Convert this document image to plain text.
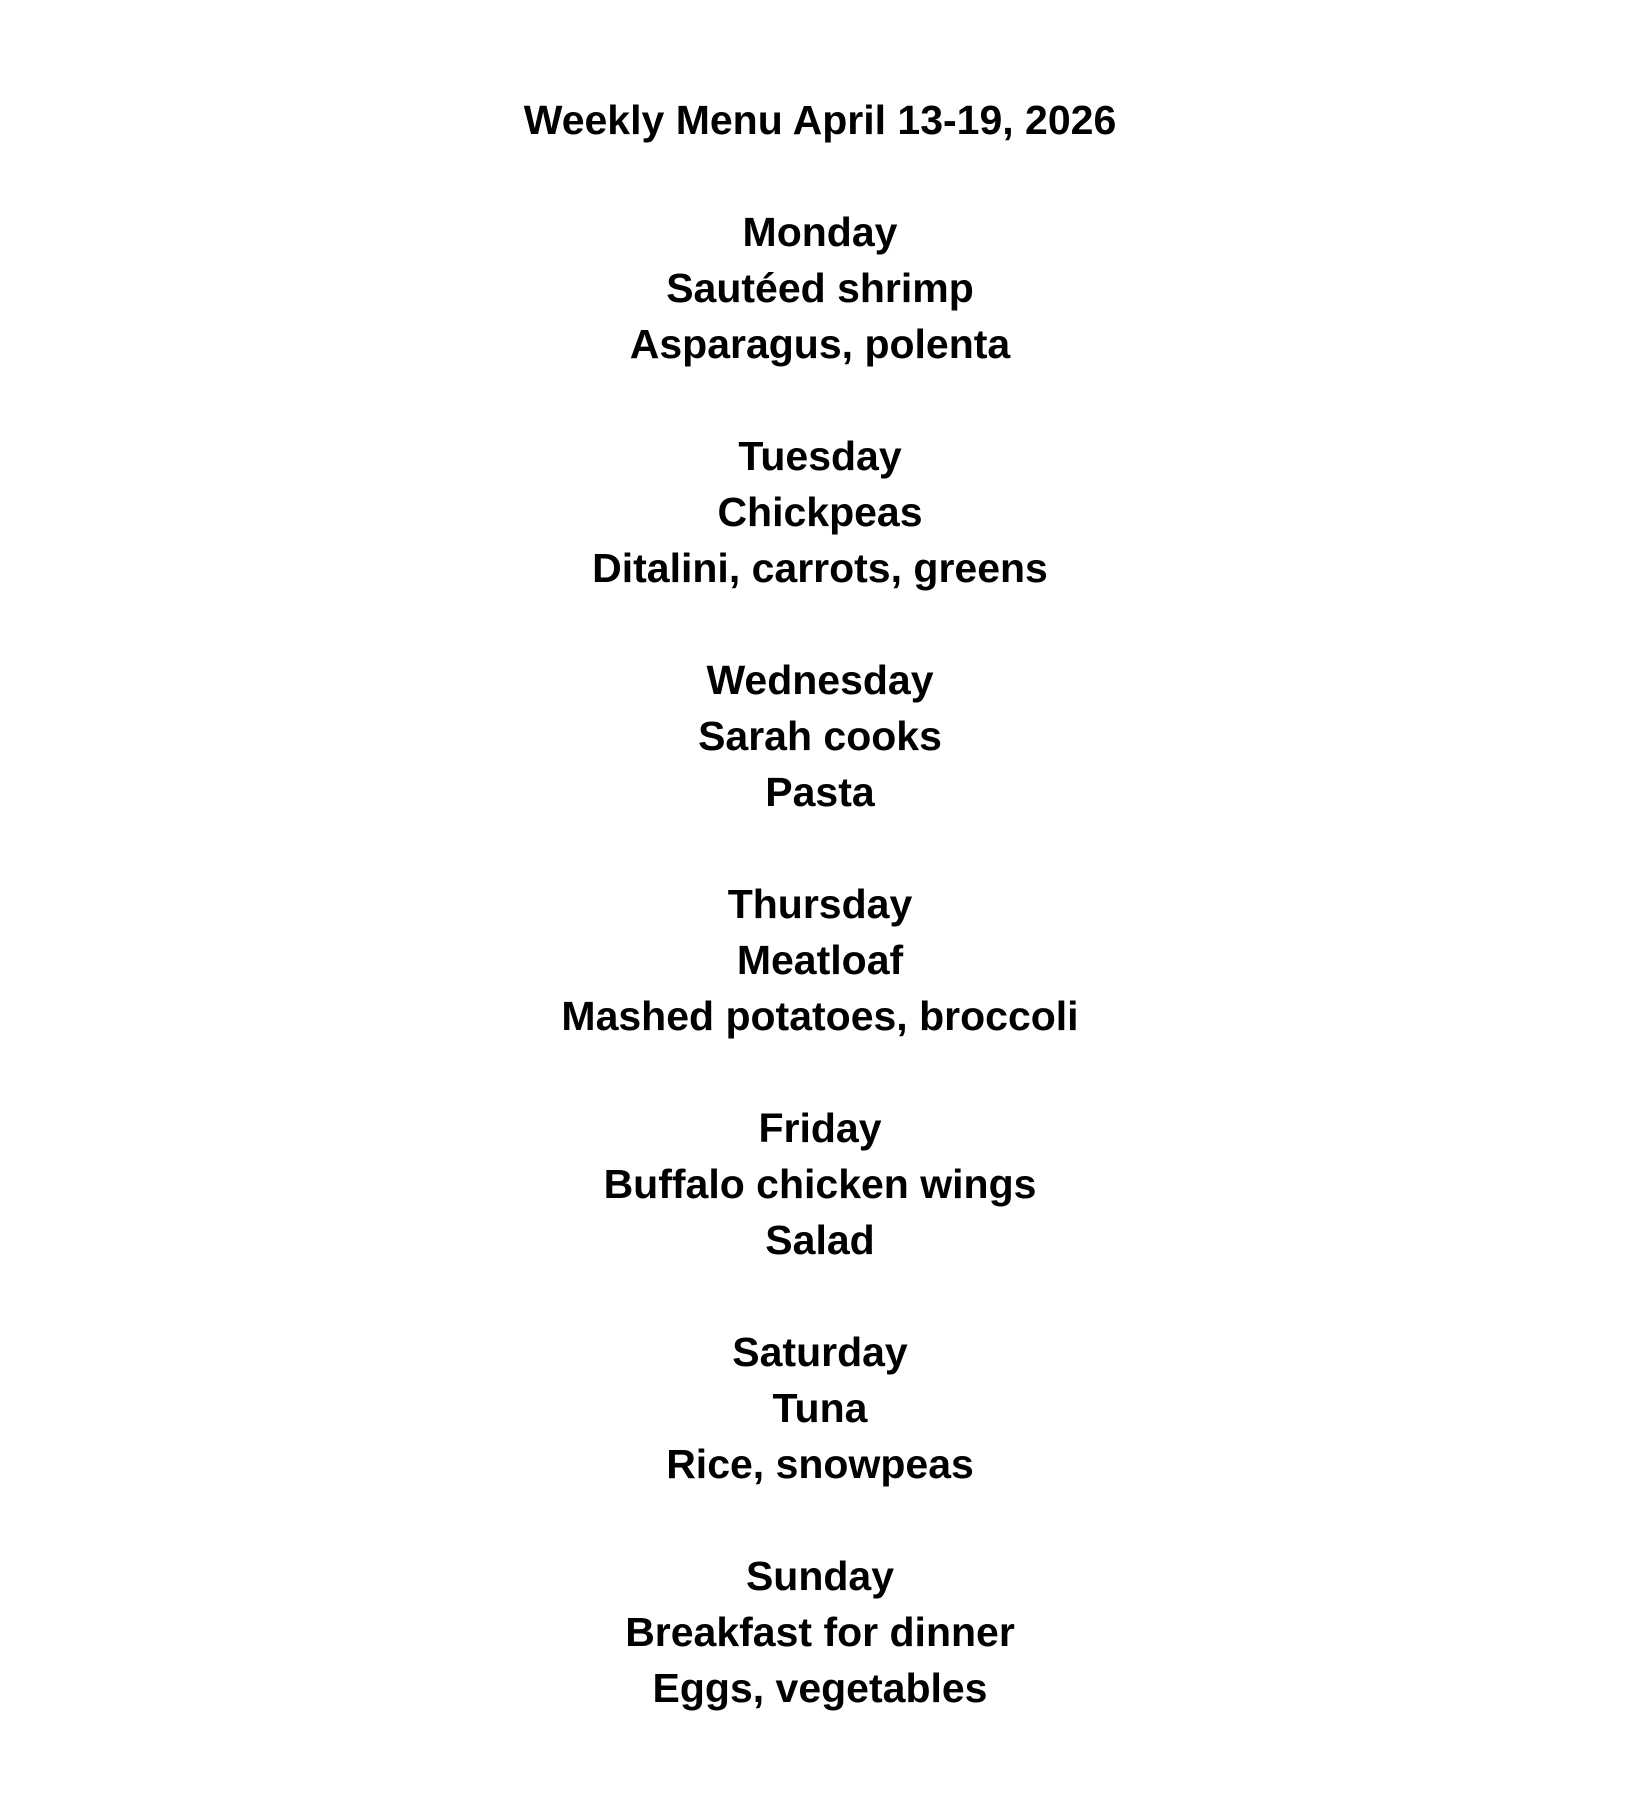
Weekly Menu April 13-19, 2026
Monday
Sautéed shrimp
Asparagus, polenta
Tuesday
Chickpeas
Ditalini, carrots, greens
Wednesday
Sarah cooks
Pasta
Thursday
Meatloaf
Mashed potatoes, broccoli
Friday
Buffalo chicken wings
Salad
Saturday
Tuna
Rice, snowpeas
Sunday
Breakfast for dinner
Eggs, vegetables
